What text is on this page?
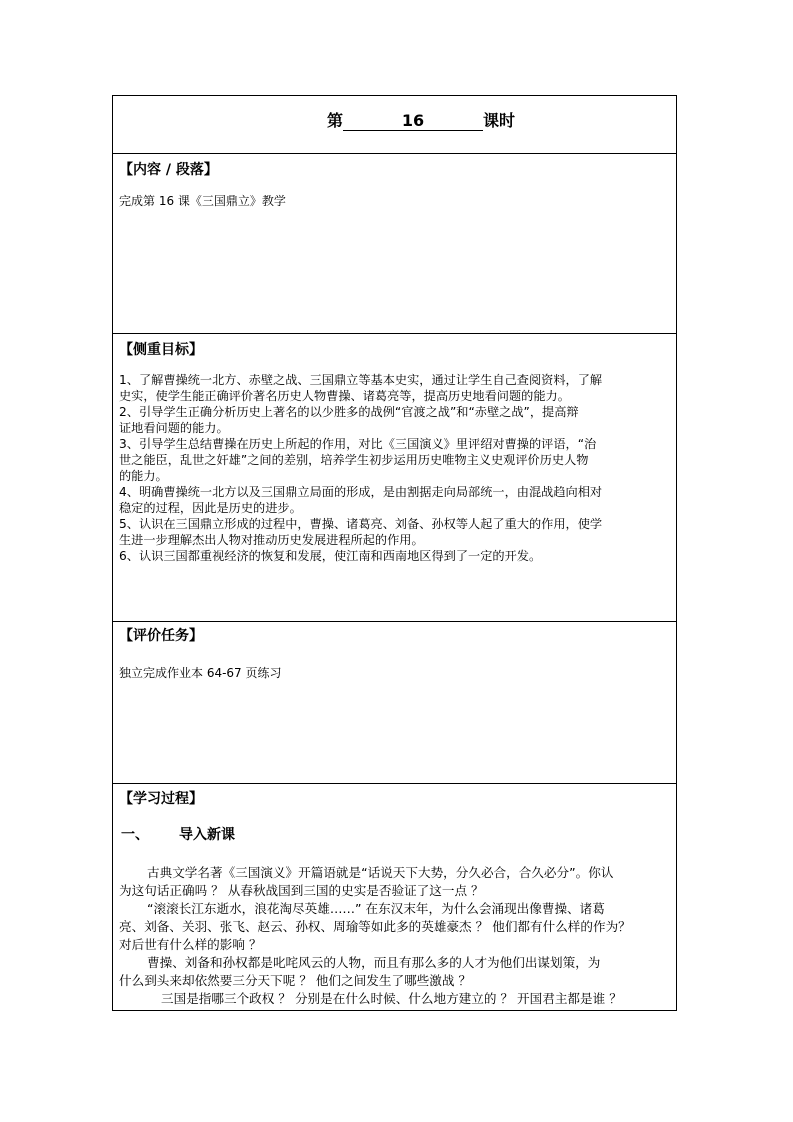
第	16	课时
【内容 / 段落】
完成第 16 课《三国鼎立》教学
【侧重目标】
1、了解曹操统一北方、赤壁之战、三国鼎立等基本史实，通过让学生自己查阅资料，了解
史实，使学生能正确评价著名历史人物曹操、诸葛亮等，提高历史地看问题的能力。
2、引导学生正确分析历史上著名的以少胜多的战例“官渡之战”和“赤壁之战”，提高辩
证地看问题的能力。
3、引导学生总结曹操在历史上所起的作用，对比《三国演义》里评绍对曹操的评语，“治
世之能臣，乱世之奸雄”之间的差别，培养学生初步运用历史唯物主义史观评价历史人物
的能力。
4、明确曹操统一北方以及三国鼎立局面的形成，是由割据走向局部统一，由混战趋向相对
稳定的过程，因此是历史的进步。
5、认识在三国鼎立形成的过程中，曹操、诸葛亮、刘备、孙权等人起了重大的作用，使学
生进一步理解杰出人物对推动历史发展进程所起的作用。
6、认识三国都重视经济的恢复和发展，使江南和西南地区得到了一定的开发。
【评价任务】
独立完成作业本 64-67 页练习
【学习过程】
一、 导入新课
古典文学名著《三国演义》开篇语就是“话说天下大势，分久必合，合久必分”。你认
为这句话正确吗 ？ 从春秋战国到三国的史实是否验证了这一点 ？
“滚滚长江东逝水，浪花淘尽英雄……” 在东汉末年，为什么会涌现出像曹操、诸葛
亮、刘备、关羽、张飞、赵云、孙权、周瑜等如此多的英雄豪杰 ？ 他们都有什么样的作为？
对后世有什么样的影响 ？
曹操、刘备和孙权都是叱咤风云的人物，而且有那么多的人才为他们出谋划策，为
什么到头来却依然要三分天下呢 ？ 他们之间发生了哪些激战 ？
三国是指哪三个政权 ？ 分别是在什么时候、什么地方建立的 ？ 开国君主都是谁 ？
